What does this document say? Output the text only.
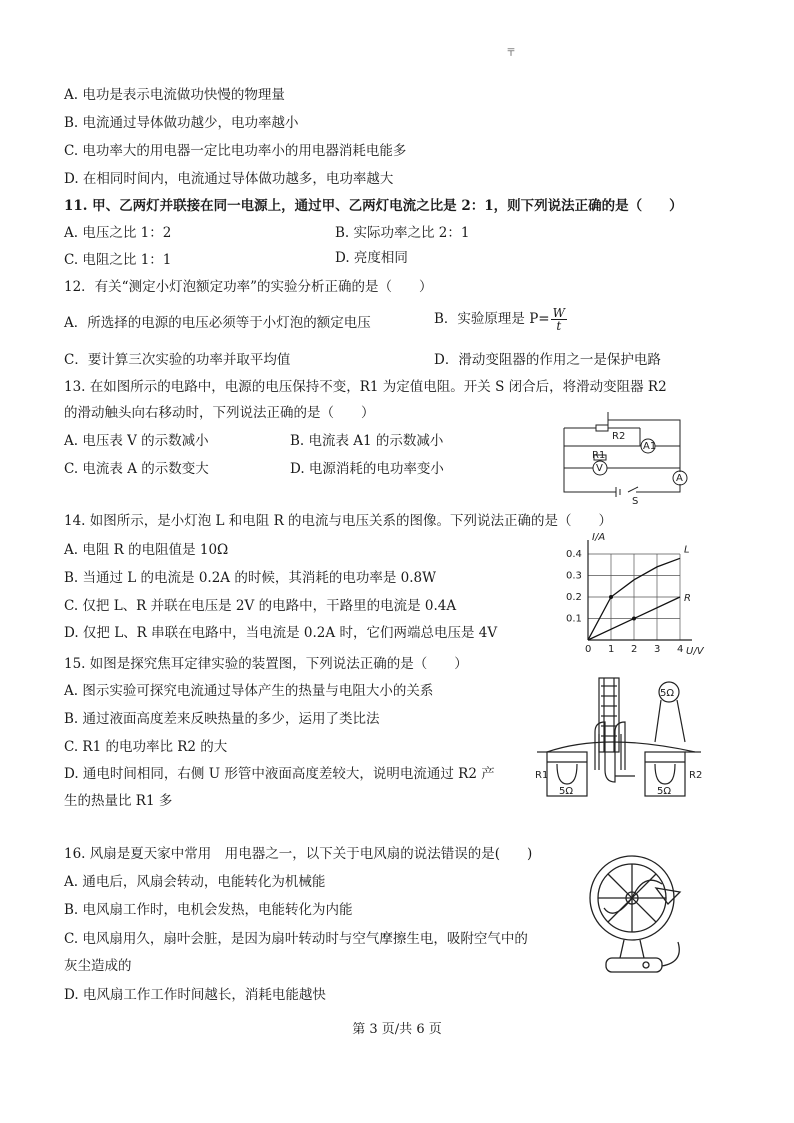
〒
A. 电功是表示电流做功快慢的物理量
B. 电流通过导体做功越少，电功率越小
C. 电功率大的用电器一定比电功率小的用电器消耗电能多
D. 在相同时间内，电流通过导体做功越多，电功率越大
11. 甲、乙两灯并联接在同一电源上，通过甲、乙两灯电流之比是 2：1，则下列说法正确的是（　　）
A. 电压之比 1：2	B. 实际功率之比 2：1
C. 电阻之比 1：1	D. 亮度相同
12．有关“测定小灯泡额定功率”的实验分析正确的是（　　）
A．所选择的电源的电压必须等于小灯泡的额定电压	B．实验原理是 $P= \frac{W}{t}$
C．要计算三次实验的功率并取平均值	D．滑动变阻器的作用之一是保护电路
13. 在如图所示的电路中，电源的电压保持不变，R1 为定值电阻。开关 S 闭合后，将滑动变阻器 R2
的滑动触头向右移动时，下列说法正确的是（　　）
A. 电压表 V 的示数减小	B. 电流表 A1 的示数减小
C. 电流表 A 的示数变大	D. 电源消耗的电功率变小
R2
A1
R1
V
A
S
14. 如图所示，是小灯泡 L 和电阻 R 的电流与电压关系的图像。下列说法正确的是（　　）
A. 电阻 R 的电阻值是 10Ω
B. 当通过 L 的电流是 0.2A 的时候，其消耗的电功率是 0.8W
C. 仅把 L、R 并联在电压是 2V 的电路中，干路里的电流是 0.4A
D. 仅把 L、R 串联在电路中，当电流是 0.2A 时，它们两端总电压是 4V
0 1 2 3 4
0.1
0.2
0.3
0.4
I/A
U/V
L
R
15. 如图是探究焦耳定律实验的装置图，下列说法正确的是（　　）
A. 图示实验可探究电流通过导体产生的热量与电阻大小的关系
B. 通过液面高度差来反映热量的多少，运用了类比法
C. R1 的电功率比 R2 的大
D. 通电时间相同，右侧 U 形管中液面高度差较大，说明电流通过 R2 产
生的热量比 R1 多
5Ω
5Ω	5Ω
R1	R2
16. 风扇是夏天家中常用　用电器之一，以下关于电风扇的说法错误的是(　　)
A. 通电后，风扇会转动，电能转化为机械能
B. 电风扇工作时，电机会发热，电能转化为内能
C. 电风扇用久，扇叶会脏，是因为扇叶转动时与空气摩擦生电，吸附空气中的
灰尘造成的
D. 电风扇工作工作时间越长，消耗电能越快
第 3 页/共 6 页
